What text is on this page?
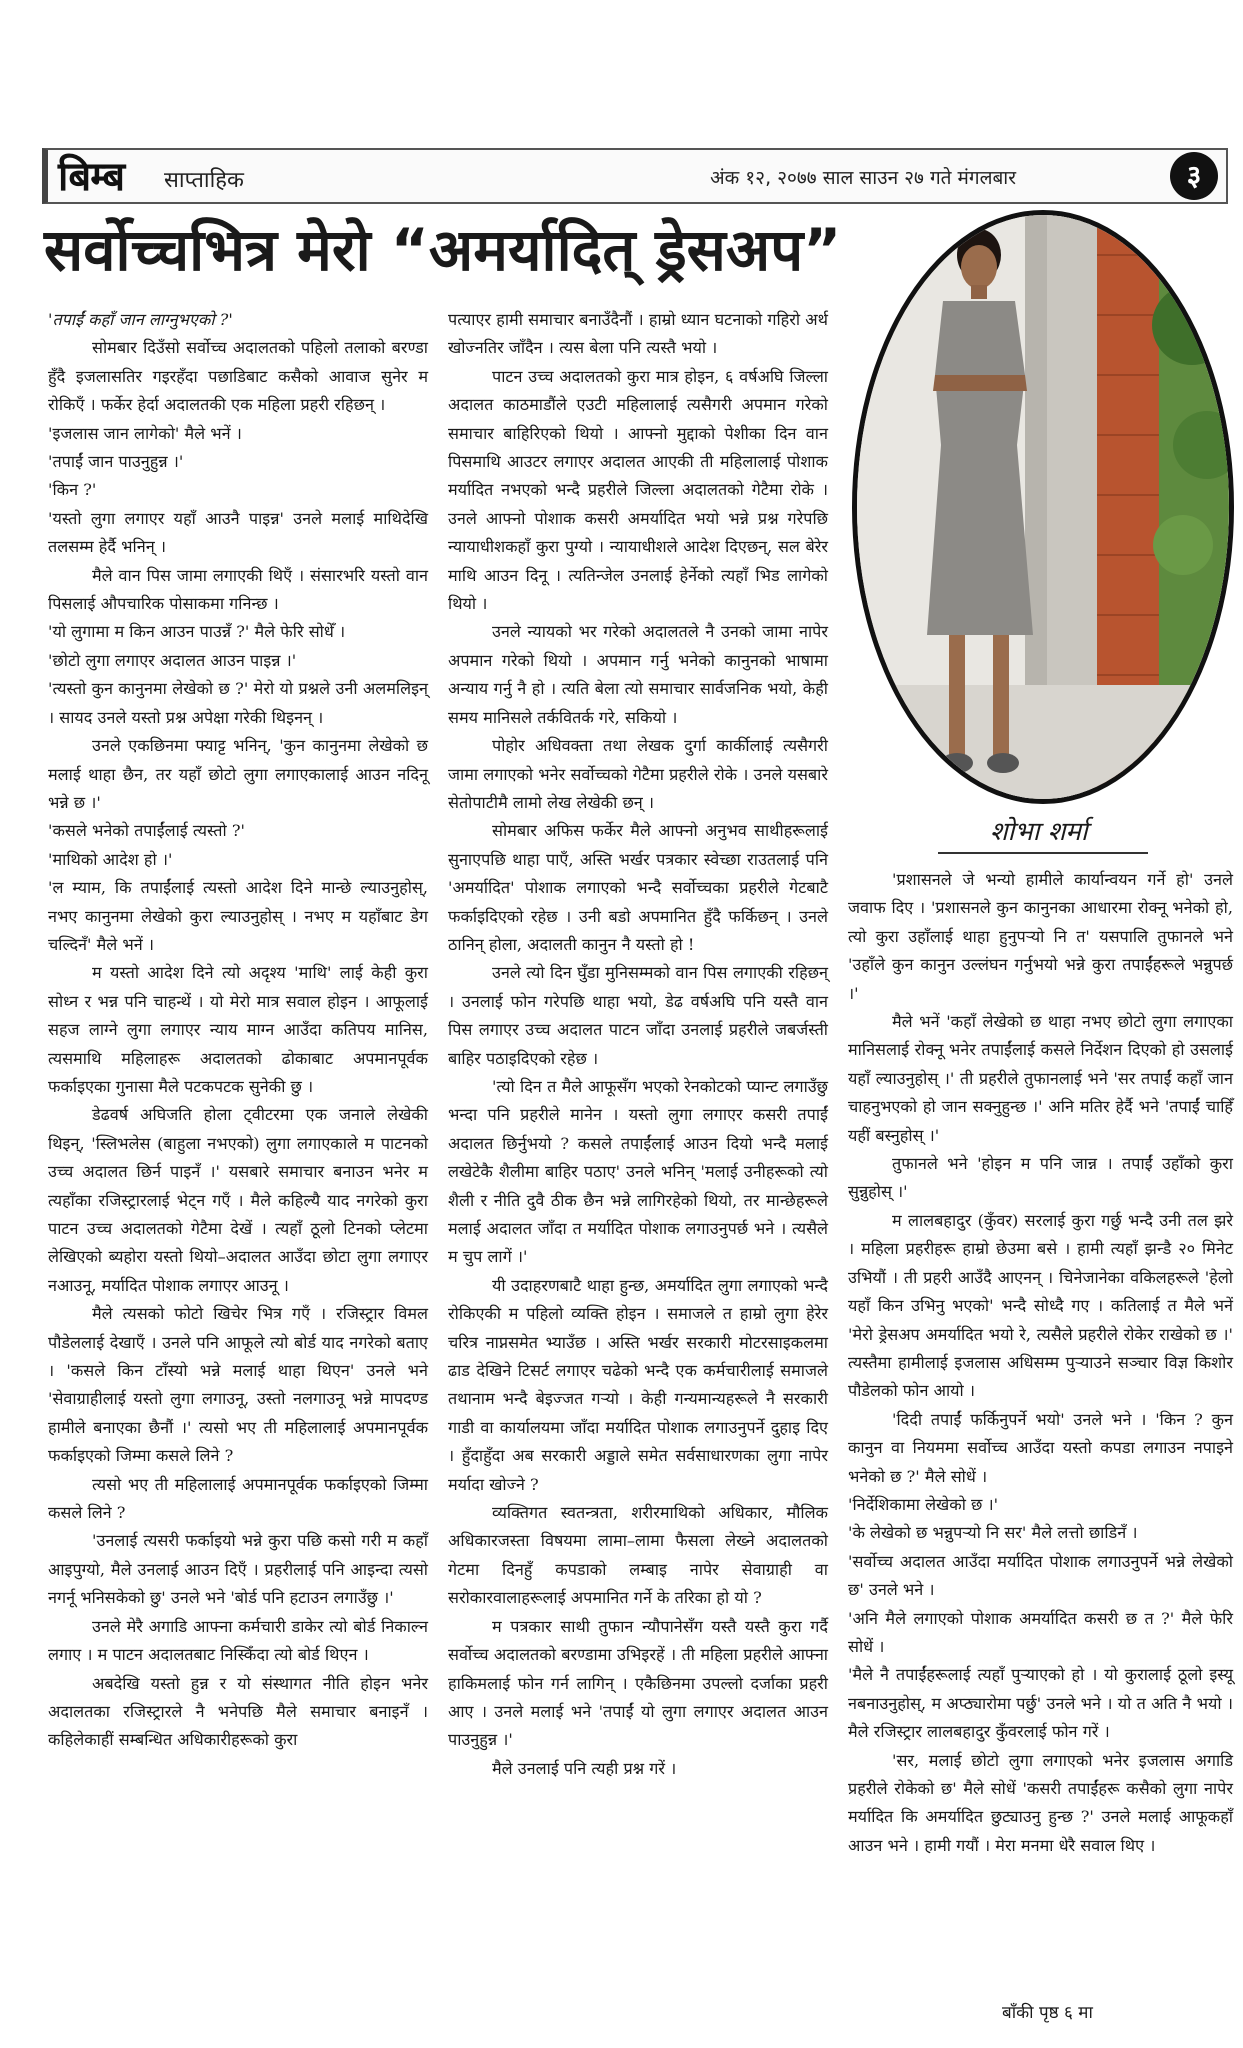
बिम्ब साप्ताहिक	अंक १२, २०७७ साल साउन २७ गते मंगलबार	३
सर्वोच्चभित्र मेरो “अमर्यादित् ड्रेसअप”

'तपाईं कहाँ जान लाग्नुभएको ?'

सोमबार दिउँसो सर्वोच्च अदालतको पहिलो तलाको बरण्डा हुँदै इजलासतिर गइरहँदा पछाडिबाट कसैको आवाज सुनेर म रोकिएँ । फर्केर हेर्दा अदालतकी एक महिला प्रहरी रहिछन् ।

'इजलास जान लागेको' मैले भनें ।

'तपाईं जान पाउनुहुन्न ।'

'किन ?'

'यस्तो लुगा लगाएर यहाँ आउनै पाइन्न' उनले मलाई माथिदेखि तलसम्म हेर्दै भनिन् ।

मैले वान पिस जामा लगाएकी थिएँ । संसारभरि यस्तो वान पिसलाई औपचारिक पोसाकमा गनिन्छ ।

'यो लुगामा म किन आउन पाउन्नँ ?' मैले फेरि सोधेँ ।

'छोटो लुगा लगाएर अदालत आउन पाइन्न ।'

'त्यस्तो कुन कानुनमा लेखेको छ ?' मेरो यो प्रश्नले उनी अलमलिइन् । सायद उनले यस्तो प्रश्न अपेक्षा गरेकी थिइनन् ।

उनले एकछिनमा फ्याट्ट भनिन्, 'कुन कानुनमा लेखेको छ मलाई थाहा छैन, तर यहाँ छोटो लुगा लगाएकालाई आउन नदिनू भन्ने छ ।'

'कसले भनेको तपाईंलाई त्यस्तो ?'

'माथिको आदेश हो ।'

'ल म्याम, कि तपाईंलाई त्यस्तो आदेश दिने मान्छे ल्याउनुहोस्, नभए कानुनमा लेखेको कुरा ल्याउनुहोस् । नभए म यहाँबाट डेग चल्दिनँ' मैले भनें ।

म यस्तो आदेश दिने त्यो अदृश्य 'माथि' लाई केही कुरा सोध्न र भन्न पनि चाहन्थें । यो मेरो मात्र सवाल होइन । आफूलाई सहज लाग्ने लुगा लगाएर न्याय माग्न आउँदा कतिपय मानिस, त्यसमाथि महिलाहरू अदालतको ढोकाबाट अपमानपूर्वक फर्काइएका गुनासा मैले पटकपटक सुनेकी छु ।

डेढवर्ष अघिजति होला ट्वीटरमा एक जनाले लेखेकी थिइन्, 'स्लिभलेस (बाहुला नभएको) लुगा लगाएकाले म पाटनको उच्च अदालत छिर्न पाइनँ ।' यसबारे समाचार बनाउन भनेर म त्यहाँका रजिस्ट्रारलाई भेट्न गएँ । मैले कहिल्यै याद नगरेको कुरा पाटन उच्च अदालतको गेटैमा देखें । त्यहाँ ठूलो टिनको प्लेटमा लेखिएको ब्यहोरा यस्तो थियो–अदालत आउँदा छोटा लुगा लगाएर नआउनू, मर्यादित पोशाक लगाएर आउनू ।

मैले त्यसको फोटो खिचेर भित्र गएँ । रजिस्ट्रार विमल पौडेललाई देखाएँ । उनले पनि आफूले त्यो बोर्ड याद नगरेको बताए । 'कसले किन टाँस्यो भन्ने मलाई थाहा थिएन' उनले भने 'सेवाग्राहीलाई यस्तो लुगा लगाउनू, उस्तो नलगाउनू भन्ने मापदण्ड हामीले बनाएका छैनौं ।' त्यसो भए ती महिलालाई अपमानपूर्वक फर्काइएको जिम्मा कसले लिने ?

त्यसो भए ती महिलालाई अपमानपूर्वक फर्काइएको जिम्मा कसले लिने ?

'उनलाई त्यसरी फर्काइयो भन्ने कुरा पछि कसो गरी म कहाँ आइपुग्यो, मैले उनलाई आउन दिएँ । प्रहरीलाई पनि आइन्दा त्यसो नगर्नू भनिसकेको छु' उनले भने 'बोर्ड पनि हटाउन लगाउँछु ।'

उनले मेरै अगाडि आफ्ना कर्मचारी डाकेर त्यो बोर्ड निकाल्न लगाए । म पाटन अदालतबाट निस्किँदा त्यो बोर्ड थिएन ।

अबदेखि यस्तो हुन्न र यो संस्थागत नीति होइन भनेर अदालतका रजिस्ट्रारले नै भनेपछि मैले समाचार बनाइनँ । कहिलेकाहीं सम्बन्धित अधिकारीहरूको कुरा

पत्याएर हामी समाचार बनाउँदैनौं । हाम्रो ध्यान घटनाको गहिरो अर्थ खोज्नतिर जाँदैन । त्यस बेला पनि त्यस्तै भयो ।

पाटन उच्च अदालतको कुरा मात्र होइन, ६ वर्षअघि जिल्ला अदालत काठमाडौंले एउटी महिलालाई त्यसैगरी अपमान गरेको समाचार बाहिरिएको थियो । आफ्नो मुद्दाको पेशीका दिन वान पिसमाथि आउटर लगाएर अदालत आएकी ती महिलालाई पोशाक मर्यादित नभएको भन्दै प्रहरीले जिल्ला अदालतको गेटैमा रोके । उनले आफ्नो पोशाक कसरी अमर्यादित भयो भन्ने प्रश्न गरेपछि न्यायाधीशकहाँ कुरा पुग्यो । न्यायाधीशले आदेश दिएछन्, सल बेरेर माथि आउन दिनू । त्यतिन्जेल उनलाई हेर्नेको त्यहाँ भिड लागेको थियो ।

उनले न्यायको भर गरेको अदालतले नै उनको जामा नापेर अपमान गरेको थियो । अपमान गर्नु भनेको कानुनको भाषामा अन्याय गर्नु नै हो । त्यति बेला त्यो समाचार सार्वजनिक भयो, केही समय मानिसले तर्कवितर्क गरे, सकियो ।

पोहोर अधिवक्ता तथा लेखक दुर्गा कार्कीलाई त्यसैगरी जामा लगाएको भनेर सर्वोच्चको गेटैमा प्रहरीले रोके । उनले यसबारे सेतोपाटीमै लामो लेख लेखेकी छन् ।

सोमबार अफिस फर्केर मैले आफ्नो अनुभव साथीहरूलाई सुनाएपछि थाहा पाएँ, अस्ति भर्खर पत्रकार स्वेच्छा राउतलाई पनि 'अमर्यादित' पोशाक लगाएको भन्दै सर्वोच्चका प्रहरीले गेटबाटै फर्काइदिएको रहेछ । उनी बडो अपमानित हुँदै फर्किछन् । उनले ठानिन् होला, अदालती कानुन नै यस्तो हो !

उनले त्यो दिन घुँडा मुनिसम्मको वान पिस लगाएकी रहिछन् । उनलाई फोन गरेपछि थाहा भयो, डेढ वर्षअघि पनि यस्तै वान पिस लगाएर उच्च अदालत पाटन जाँदा उनलाई प्रहरीले जबर्जस्ती बाहिर पठाइदिएको रहेछ ।

'त्यो दिन त मैले आफूसँग भएको रेनकोटको प्यान्ट लगाउँछु भन्दा पनि प्रहरीले मानेन । यस्तो लुगा लगाएर कसरी तपाईं अदालत छिर्नुभयो ? कसले तपाईंलाई आउन दियो भन्दै मलाई लखेटेकै शैलीमा बाहिर पठाए' उनले भनिन् 'मलाई उनीहरूको त्यो शैली र नीति दुवै ठीक छैन भन्ने लागिरहेको थियो, तर मान्छेहरूले मलाई अदालत जाँदा त मर्यादित पोशाक लगाउनुपर्छ भने । त्यसैले म चुप लागें ।'

यी उदाहरणबाटै थाहा हुन्छ, अमर्यादित लुगा लगाएको भन्दै रोकिएकी म पहिलो व्यक्ति होइन । समाजले त हाम्रो लुगा हेरेर चरित्र नाप्नसमेत भ्याउँछ । अस्ति भर्खर सरकारी मोटरसाइकलमा ढाड देखिने टिसर्ट लगाएर चढेको भन्दै एक कर्मचारीलाई समाजले तथानाम भन्दै बेइज्जत गऱ्यो । केही गन्यमान्यहरूले नै सरकारी गाडी वा कार्यालयमा जाँदा मर्यादित पोशाक लगाउनुपर्ने दुहाइ दिए । हुँदाहुँदा अब सरकारी अड्डाले समेत सर्वसाधारणका लुगा नापेर मर्यादा खोज्ने ?

व्यक्तिगत स्वतन्त्रता, शरीरमाथिको अधिकार, मौलिक अधिकारजस्ता विषयमा लामा–लामा फैसला लेख्ने अदालतको गेटमा दिनहुँ कपडाको लम्बाइ नापेर सेवाग्राही वा सरोकारवालाहरूलाई अपमानित गर्ने के तरिका हो यो ?

म पत्रकार साथी तुफान न्यौपानेसँग यस्तै यस्तै कुरा गर्दै सर्वोच्च अदालतको बरण्डामा उभिइरहें । ती महिला प्रहरीले आफ्ना हाकिमलाई फोन गर्न लागिन् । एकैछिनमा उपल्लो दर्जाका प्रहरी आए । उनले मलाई भने 'तपाईं यो लुगा लगाएर अदालत आउन पाउनुहुन्न ।'

मैले उनलाई पनि त्यही प्रश्न गरें ।

शोभा शर्मा

'प्रशासनले जे भन्यो हामीले कार्यान्वयन गर्ने हो' उनले जवाफ दिए । 'प्रशासनले कुन कानुनका आधारमा रोक्नू भनेको हो, त्यो कुरा उहाँलाई थाहा हुनुपर्‍यो नि त' यसपालि तुफानले भने 'उहाँले कुन कानुन उल्लंघन गर्नुभयो भन्ने कुरा तपाईंहरूले भन्नुपर्छ ।'

मैले भनें 'कहाँ लेखेको छ थाहा नभए छोटो लुगा लगाएका मानिसलाई रोक्नू भनेर तपाईंलाई कसले निर्देशन दिएको हो उसलाई यहाँ ल्याउनुहोस् ।' ती प्रहरीले तुफानलाई भने 'सर तपाईं कहाँ जान चाहनुभएको हो जान सक्नुहुन्छ ।' अनि मतिर हेर्दै भने 'तपाईं चाहिँ यहीं बस्नुहोस् ।'

तुफानले भने 'होइन म पनि जान्न । तपाईं उहाँको कुरा सुन्नुहोस् ।'

म लालबहादुर (कुँवर) सरलाई कुरा गर्छु भन्दै उनी तल झरे । महिला प्रहरीहरू हाम्रो छेउमा बसे । हामी त्यहाँ झन्डै २० मिनेट उभियौं । ती प्रहरी आउँदै आएनन् । चिनेजानेका वकिलहरूले 'हेलो यहाँ किन उभिनु भएको' भन्दै सोध्दै गए । कतिलाई त मैले भनें 'मेरो ड्रेसअप अमर्यादित भयो रे, त्यसैले प्रहरीले रोकेर राखेको छ ।' त्यस्तैमा हामीलाई इजलास अधिसम्म पुऱ्याउने सञ्चार विज्ञ किशोर पौडेलको फोन आयो ।

'दिदी तपाईं फर्किनुपर्ने भयो' उनले भने । 'किन ? कुन कानुन वा नियममा सर्वोच्च आउँदा यस्तो कपडा लगाउन नपाइने भनेको छ ?' मैले सोधें ।

'निर्देशिकामा लेखेको छ ।'

'के लेखेको छ भन्नुपर्‍यो नि सर' मैले लत्तो छाडिनँ ।

'सर्वोच्च अदालत आउँदा मर्यादित पोशाक लगाउनुपर्ने भन्ने लेखेको छ' उनले भने ।

'अनि मैले लगाएको पोशाक अमर्यादित कसरी छ त ?' मैले फेरि सोधें ।

'मैले नै तपाईंहरूलाई त्यहाँ पुऱ्याएको हो । यो कुरालाई ठूलो इस्यू नबनाउनुहोस्, म अप्ठ्यारोमा पर्छु' उनले भने । यो त अति नै भयो । मैले रजिस्ट्रार लालबहादुर कुँवरलाई फोन गरें ।

'सर, मलाई छोटो लुगा लगाएको भनेर इजलास अगाडि प्रहरीले रोकेको छ' मैले सोधें 'कसरी तपाईंहरू कसैको लुगा नापेर मर्यादित कि अमर्यादित छुट्याउनु हुन्छ ?' उनले मलाई आफूकहाँ आउन भने । हामी गयौं । मेरा मनमा धेरै सवाल थिए ।

बाँकी पृष्ठ ६ मा
